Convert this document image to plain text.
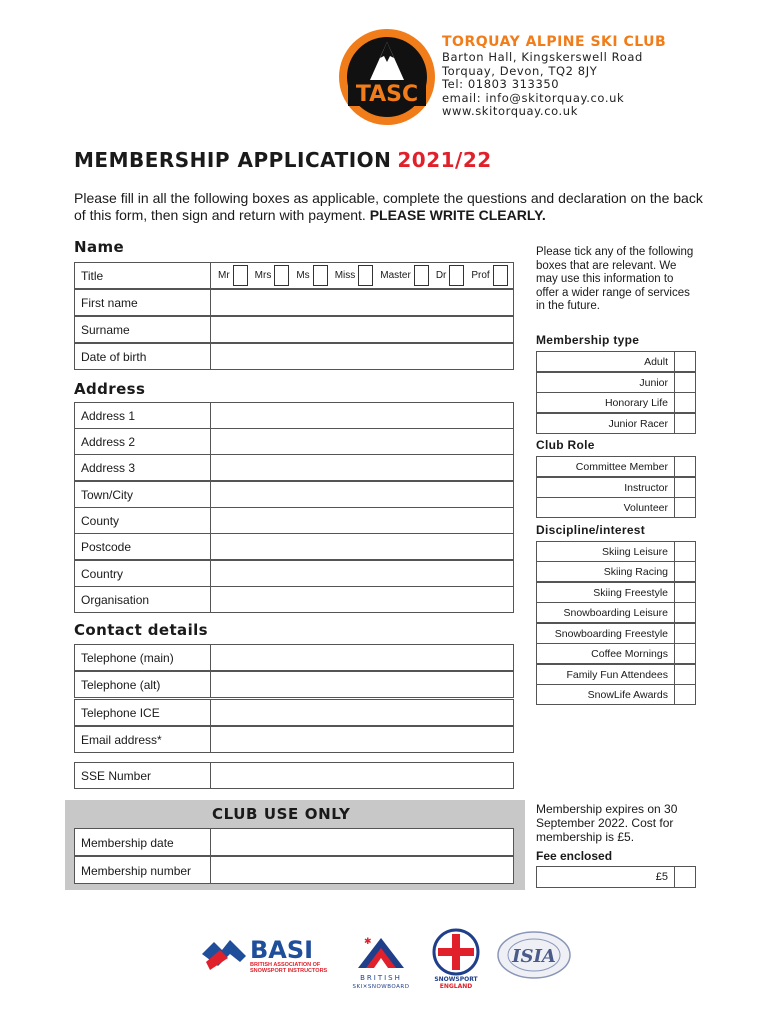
TASC
TORQUAY ALPINE SKI CLUB
Barton Hall, Kingskerswell Road
Torquay, Devon, TQ2 8JY
Tel: 01803 313350
email: info@skitorquay.co.uk
www.skitorquay.co.uk
MEMBERSHIP APPLICATION 2021/22
Please fill in all the following boxes as applicable, complete the questions and declaration on the back of this form, then sign and return with payment. PLEASE WRITE CLEARLY.
Name
Title	Mr	Mrs	Ms	Miss	Master	Dr	Prof
First name
Surname
Date of birth
Address
Address 1
Address 2
Address 3
Town/City
County
Postcode
Country
Organisation
Contact details
Telephone (main)
Telephone (alt)
Telephone ICE
Email address*
SSE Number
Please tick any of the following boxes that are relevant. We may use this information to offer a wider range of services in the future.
Membership type
Adult
Junior
Honorary Life
Junior Racer
Club Role
Committee Member
Instructor
Volunteer
Discipline/interest
Skiing Leisure
Skiing Racing
Skiing Freestyle
Snowboarding Leisure
Snowboarding Freestyle
Coffee Mornings
Family Fun Attendees
SnowLife Awards
CLUB USE ONLY
Membership date
Membership number
Membership expires on 30 September 2022. Cost for membership is £5.
Fee enclosed
£5
BASI
BRITISH ASSOCIATION OF
SNOWSPORT INSTRUCTORS
✱
BRITISH
SKI✕SNOWBOARD
SNOWSPORT
ENGLAND
ISIA
